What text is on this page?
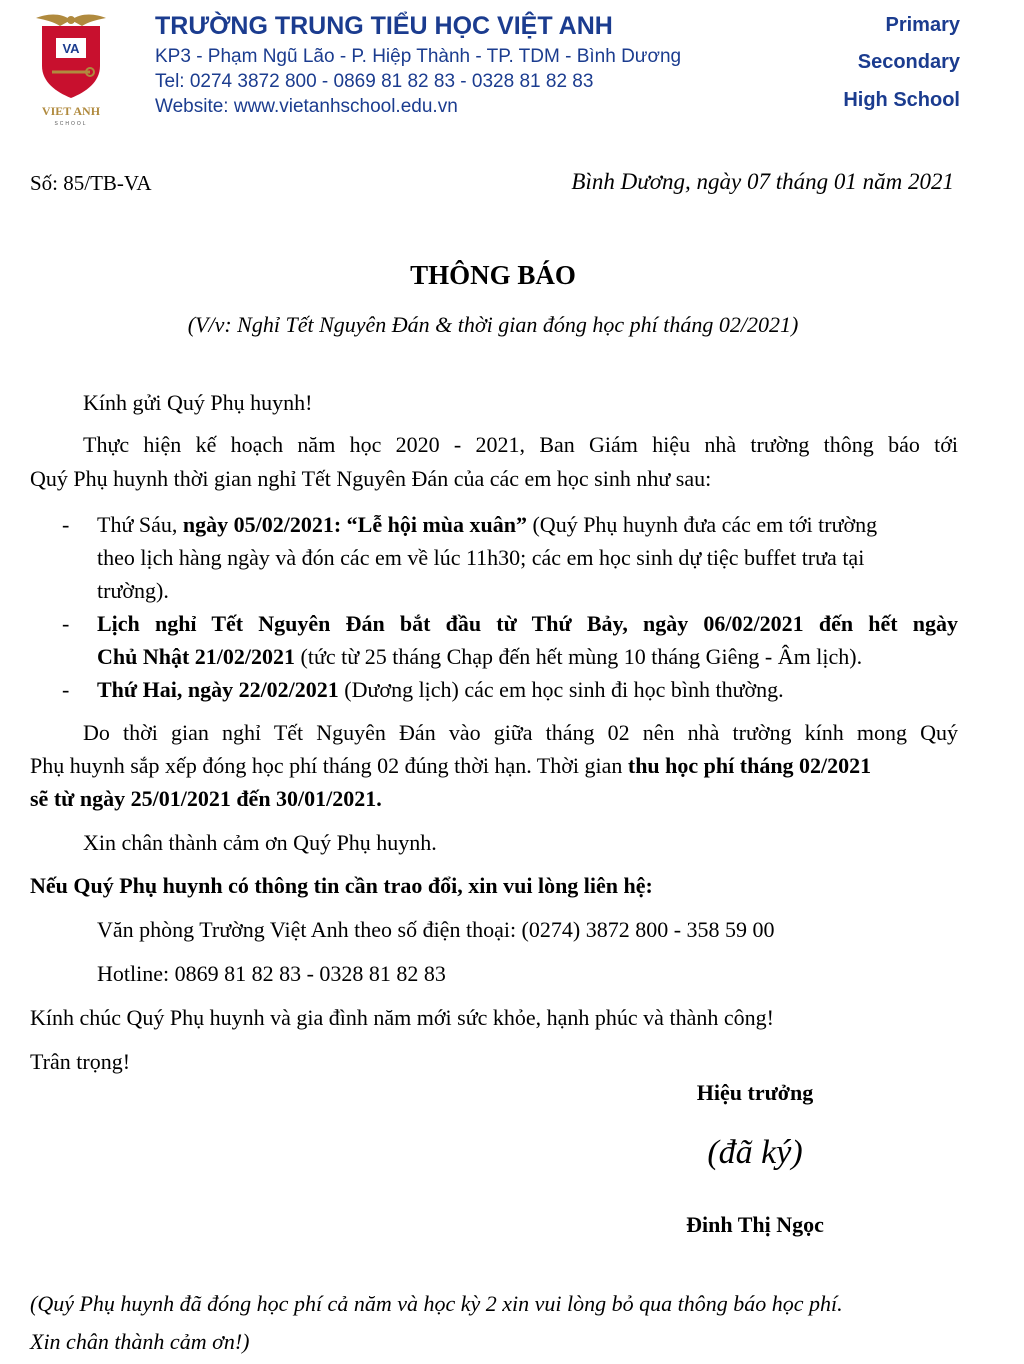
VA
VIET ANH
SCHOOL
TRƯỜNG TRUNG TIỂU HỌC VIỆT ANH
KP3 - Phạm Ngũ Lão - P. Hiệp Thành - TP. TDM - Bình Dương
Tel: 0274 3872 800 - 0869 81 82 83 - 0328 81 82 83
Website: www.vietanhschool.edu.vn
Primary
Secondary
High School
Số: 85/TB-VA	Bình Dương, ngày 07 tháng 01 năm 2021
THÔNG BÁO
(V/v: Nghỉ Tết Nguyên Đán & thời gian đóng học phí tháng 02/2021)
Kính gửi Quý Phụ huynh!
Thực hiện kế hoạch năm học 2020 - 2021, Ban Giám hiệu nhà trường thông báo tới
Quý Phụ huynh thời gian nghỉ Tết Nguyên Đán của các em học sinh như sau:
- Thứ Sáu, ngày 05/02/2021: “Lễ hội mùa xuân” (Quý Phụ huynh đưa các em tới trường
theo lịch hàng ngày và đón các em về lúc 11h30; các em học sinh dự tiệc buffet trưa tại
trường).
- Lịch nghỉ Tết Nguyên Đán bắt đầu từ Thứ Bảy, ngày 06/02/2021 đến hết ngày
Chủ Nhật 21/02/2021 (tức từ 25 tháng Chạp đến hết mùng 10 tháng Giêng - Âm lịch).
- Thứ Hai, ngày 22/02/2021 (Dương lịch) các em học sinh đi học bình thường.
Do thời gian nghỉ Tết Nguyên Đán vào giữa tháng 02 nên nhà trường kính mong Quý
Phụ huynh sắp xếp đóng học phí tháng 02 đúng thời hạn. Thời gian thu học phí tháng 02/2021
sẽ từ ngày 25/01/2021 đến 30/01/2021.
Xin chân thành cảm ơn Quý Phụ huynh.
Nếu Quý Phụ huynh có thông tin cần trao đổi, xin vui lòng liên hệ:
Văn phòng Trường Việt Anh theo số điện thoại: (0274) 3872 800 - 358 59 00
Hotline: 0869 81 82 83 - 0328 81 82 83
Kính chúc Quý Phụ huynh và gia đình năm mới sức khỏe, hạnh phúc và thành công!
Trân trọng!
Hiệu trưởng
(đã ký)
Đinh Thị Ngọc
(Quý Phụ huynh đã đóng học phí cả năm và học kỳ 2 xin vui lòng bỏ qua thông báo học phí.
Xin chân thành cảm ơn!)
